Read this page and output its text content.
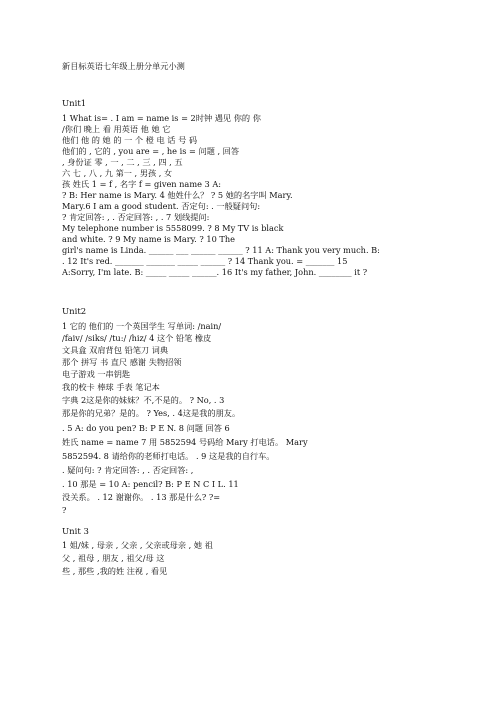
新目标英语七年级上册分单元小测
Unit1
1 What is= . I am = name is = 2时钟 遇见 你的 你
/你们 晚上 看 用英语 他 她 它
他们 他 的 她 的 一 个 橙 电 话 号 码
他们的 , 它的 , you are = , he is = 问题 , 回答
, 身份证 零 , 一 , 二 , 三 , 四 , 五
六 七 , 八 , 九 第一 , 男孩 , 女
孩 姓氏 1 = f , 名字 f = given name 3 A:
? B: Her name is Mary. 4 他姓什么？ ? 5 她的名字叫 Mary.
Mary.6 I am a good student. 否定句: . 一般疑问句:
? 肯定回答: , . 否定回答: , . 7 划线提问:
My telephone number is 5558099. ? 8 My TV is black
and white. ? 9 My name is Mary. ? 10 The
girl's name is Linda. ______ ___ ______ ______ ? 11 A: Thank you very much. B:
. 12 It's red. _______ _______ _____ ______ ? 14 Thank you. = _______ 15
A:Sorry, I'm late. B: _____ _____ ______. 16 It's my father, John. ________ it ?
Unit2
1 它的 他们的 一个英国学生 写单词: /nain/
/faiv/ /siks/ /tu:/ /hiz/ 4 这个 铅笔 橡皮
文具盒 双肩背包 铅笔刀 词典
那个 拼写 书 直尺 感谢 失物招领
电子游戏 一串钥匙
我的校卡 棒球 手表 笔记本
字典 2这是你的妹妹？不,不是的。 ? No, . 3
那是你的兄弟？是的。 ? Yes, . 4这是我的朋友。
. 5 A: do you pen? B: P E N. 8 问题 回答 6
姓氏 name = name 7 用 5852594 号码给 Mary 打电话。 Mary
5852594. 8 请给你的老师打电话。 . 9 这是我的自行车。
. 疑问句: ? 肯定回答: , . 否定回答: ,
. 10 那是 = 10 A: pencil? B: P E N C I L. 11
没关系。 . 12 谢谢你。 . 13 那是什么? ?=
?
Unit 3
1 姐/妹 , 母亲 , 父亲 , 父亲或母亲 , 她 祖
父 , 祖母 , 朋友 , 祖父/母 这
些 , 那些 ,我的姓 注视 , 看见
